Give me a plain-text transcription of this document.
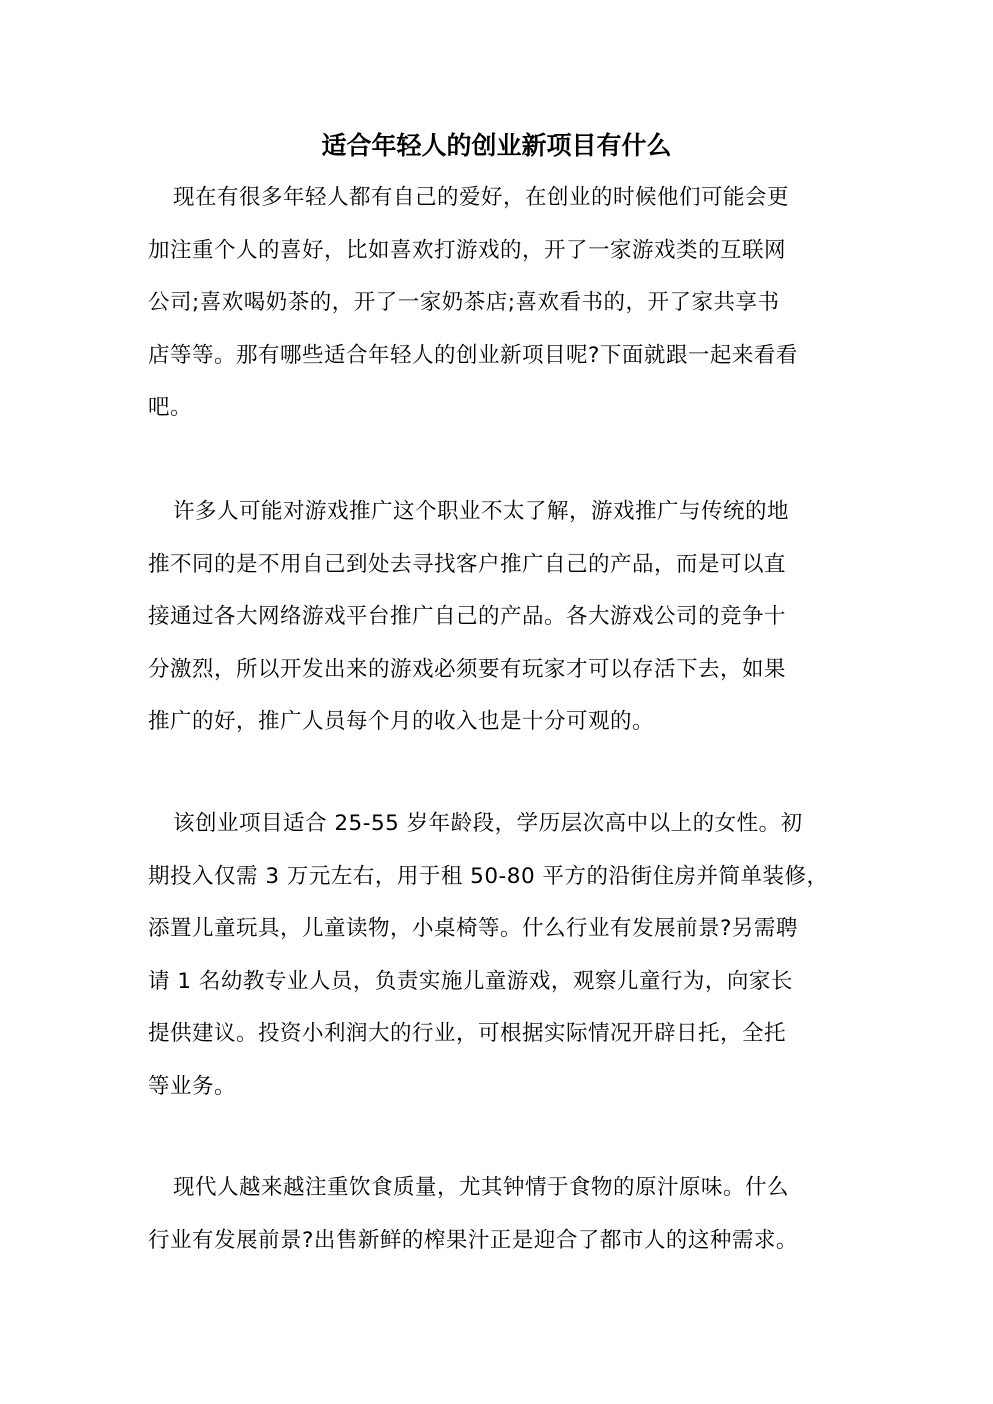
适合年轻人的创业新项目有什么
现在有很多年轻人都有自己的爱好，在创业的时候他们可能会更
加注重个人的喜好，比如喜欢打游戏的，开了一家游戏类的互联网
公司;喜欢喝奶茶的，开了一家奶茶店;喜欢看书的，开了家共享书
店等等。那有哪些适合年轻人的创业新项目呢?下面就跟一起来看看
吧。
许多人可能对游戏推广这个职业不太了解，游戏推广与传统的地
推不同的是不用自己到处去寻找客户推广自己的产品，而是可以直
接通过各大网络游戏平台推广自己的产品。各大游戏公司的竞争十
分激烈，所以开发出来的游戏必须要有玩家才可以存活下去，如果
推广的好，推广人员每个月的收入也是十分可观的。
该创业项目适合 25-55 岁年龄段，学历层次高中以上的女性。初
期投入仅需 3 万元左右，用于租 50-80 平方的沿街住房并简单装修，
添置儿童玩具，儿童读物，小桌椅等。什么行业有发展前景?另需聘
请 1 名幼教专业人员，负责实施儿童游戏，观察儿童行为，向家长
提供建议。投资小利润大的行业，可根据实际情况开辟日托，全托
等业务。
现代人越来越注重饮食质量，尤其钟情于食物的原汁原味。什么
行业有发展前景?出售新鲜的榨果汁正是迎合了都市人的这种需求。
